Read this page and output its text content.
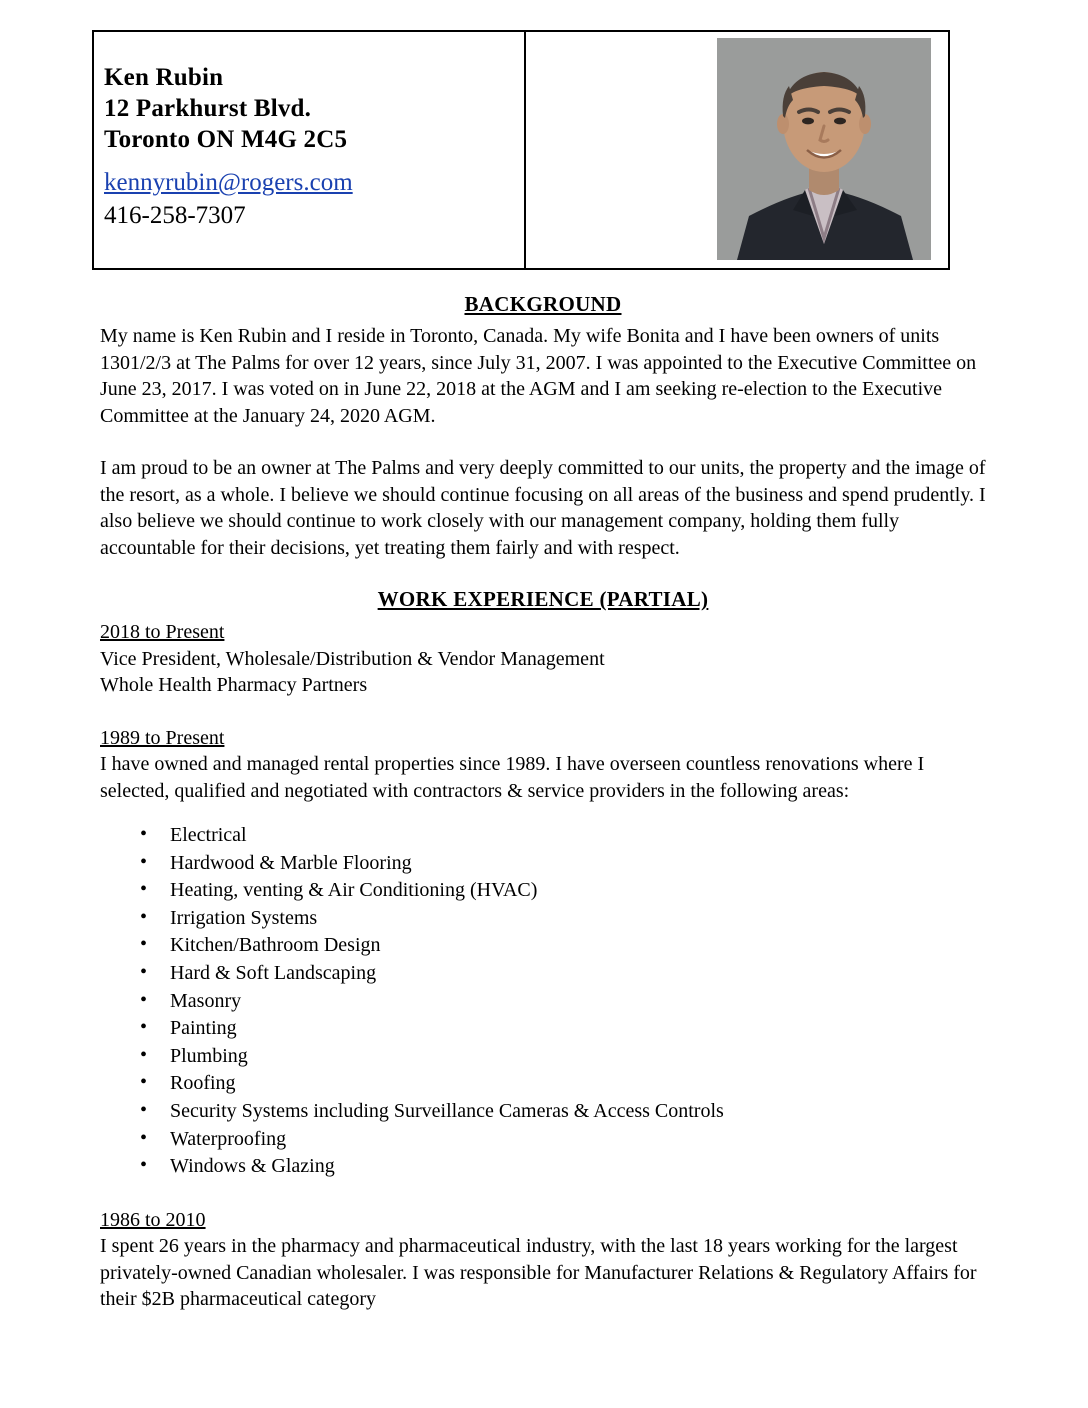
Ken Rubin
12 Parkhurst Blvd.
Toronto ON M4G 2C5
kennyrubin@rogers.com
416-258-7307
BACKGROUND

My name is Ken Rubin and I reside in Toronto, Canada. My wife Bonita and I have been owners of units 1301/2/3 at The Palms for over 12 years, since July 31, 2007. I was appointed to the Executive Committee on June 23, 2017. I was voted on in June 22, 2018 at the AGM and I am seeking re-election to the Executive Committee at the January 24, 2020 AGM.

I am proud to be an owner at The Palms and very deeply committed to our units, the property and the image of the resort, as a whole. I believe we should continue focusing on all areas of the business and spend prudently. I also believe we should continue to work closely with our management company, holding them fully accountable for their decisions, yet treating them fairly and with respect.

WORK EXPERIENCE (PARTIAL)
2018 to Present
Vice President, Wholesale/Distribution & Vendor Management
Whole Health Pharmacy Partners
1989 to Present

I have owned and managed rental properties since 1989. I have overseen countless renovations where I selected, qualified and negotiated with contractors & service providers in the following areas:

• Electrical
• Hardwood & Marble Flooring
• Heating, venting & Air Conditioning (HVAC)
• Irrigation Systems
• Kitchen/Bathroom Design
• Hard & Soft Landscaping
• Masonry
• Painting
• Plumbing
• Roofing
• Security Systems including Surveillance Cameras & Access Controls
• Waterproofing
• Windows & Glazing
1986 to 2010

I spent 26 years in the pharmacy and pharmaceutical industry, with the last 18 years working for the largest privately-owned Canadian wholesaler. I was responsible for Manufacturer Relations & Regulatory Affairs for their $2B pharmaceutical category
